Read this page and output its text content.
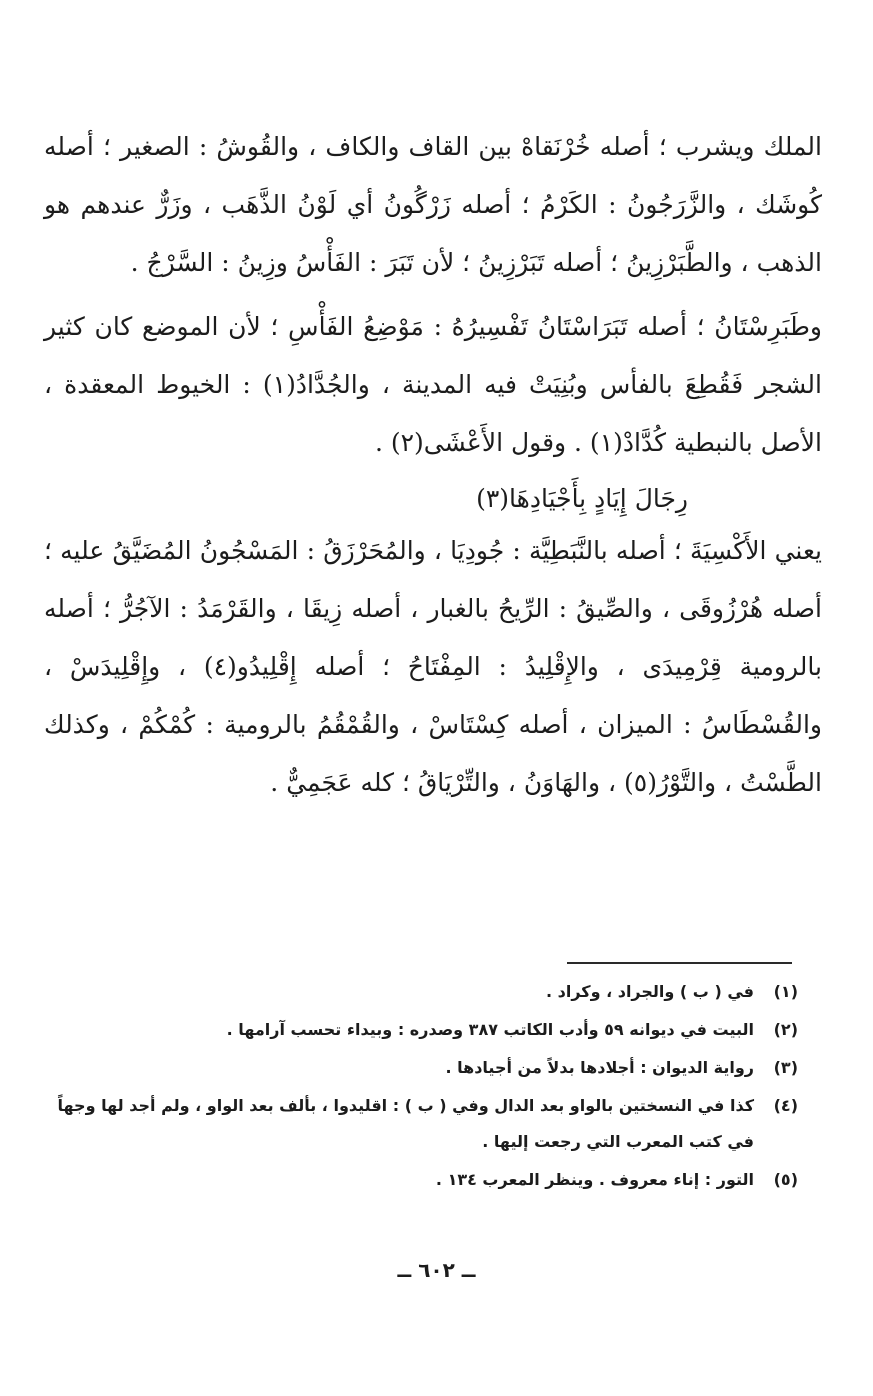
الملك ويشرب ؛ أصله خُرْنَقاهْ بين القاف والكاف ، والقُوشُ : الصغير ؛ أصله كُوشَك ، والزَّرَجُونُ : الكَرْمُ ؛ أصله زَرْگُونُ أي لَوْنُ الذَّهَب ، وزَرٌّ عندهم هو الذهب ، والطَّبَرْزِينُ ؛ أصله تَبَرْزِينُ ؛ لأن تَبَرَ : الفَأْسُ وزِينُ : السَّرْجُ .

وطَبَرِسْتَانُ ؛ أصله تَبَرَاسْتَانُ تَفْسِيرُهُ : مَوْضِعُ الفَأْسِ ؛ لأن الموضع كان كثير الشجر فَقُطِعَ بالفأس وبُنِيَتْ فيه المدينة ، والجُدَّادُ(١) : الخيوط المعقدة ، الأصل بالنبطية كُدَّادْ(١) . وقول الأَعْشَى(٢) .

رِجَالَ إِيَادٍ بِأَجْيَادِهَا(٣)

يعني الأَكْسِيَةَ ؛ أصله بالنَّبَطِيَّة : جُودِيَا ، والمُحَرْزَقُ : المَسْجُونُ المُضَيَّقُ عليه ؛ أصله هُرْزُوقَى ، والصِّيقُ : الرِّيحُ بالغبار ، أصله زِيقَا ، والقَرْمَدُ : الآجُرُّ ؛ أصله بالرومية قِرْمِيدَى ، والإِقْلِيدُ : المِفْتَاحُ ؛ أصله إِقْلِيدُو(٤) ، وإِقْلِيدَسْ ، والقُسْطَاسُ : الميزان ، أصله كِسْتَاسْ ، والقُمْقُمُ بالرومية : كُمْكُمْ ، وكذلك الطَّسْتُ ، والتَّوْرُ(٥) ، والهَاوَنُ ، والتِّرْيَاقُ ؛ كله عَجَمِيٌّ .

(١)
في ( ب ) والجراد ، وكراد .
(٢)
البيت في ديوانه ٥٩ وأدب الكاتب ٣٨٧ وصدره : وبيداء تحسب آرامها .
(٣)
رواية الديوان : أجلادها بدلاً من أجيادها .
(٤)
كذا في النسختين بالواو بعد الدال وفي ( ب ) : اقليدوا ، بألف بعد الواو ، ولم أجد لها وجهاً في كتب المعرب التي رجعت إليها .
(٥)
التور : إناء معروف . وينظر المعرب ١٣٤ .
ــ ٦٠٢ ــ
